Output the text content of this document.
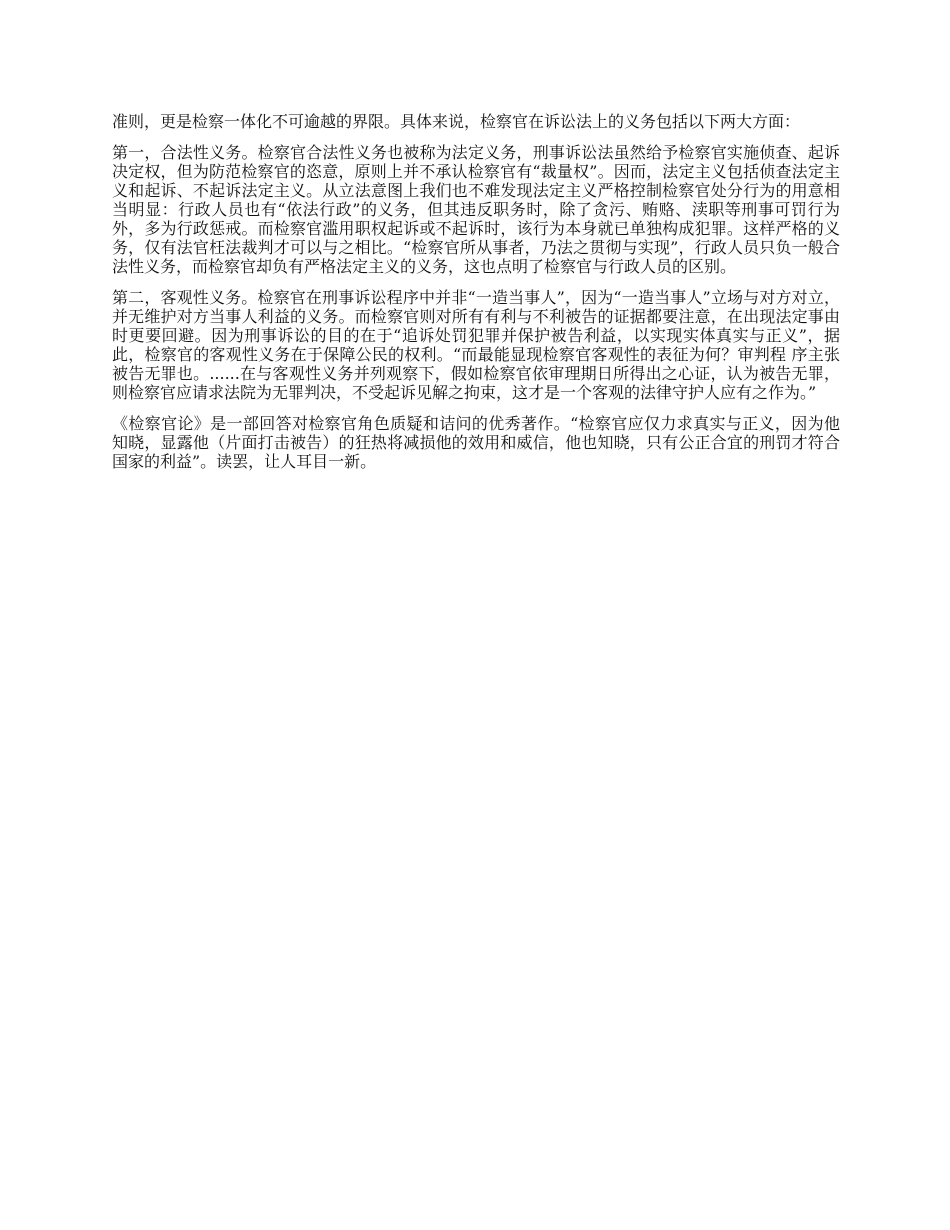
准则，更是检察一体化不可逾越的界限。具体来说，检察官在诉讼法上的义务包括以下两大方面：

第一，合法性义务。检察官合法性义务也被称为法定义务，刑事诉讼法虽然给予检察官实施侦查、起诉决定权，但为防范检察官的恣意，原则上并不承认检察官有“裁量权”。因而，法定主义包括侦查法定主义和起诉、不起诉法定主义。从立法意图上我们也不难发现法定主义严格控制检察官处分行为的用意相当明显：行政人员也有“依法行政”的义务，但其违反职务时，除了贪污、贿赂、渎职等刑事可罚行为外，多为行政惩戒。而检察官滥用职权起诉或不起诉时，该行为本身就已单独构成犯罪。这样严格的义务，仅有法官枉法裁判才可以与之相比。“检察官所从事者，乃法之贯彻与实现”，行政人员只负一般合法性义务，而检察官却负有严格法定主义的义务，这也点明了检察官与行政人员的区别。

第二，客观性义务。检察官在刑事诉讼程序中并非“一造当事人”，因为“一造当事人”立场与对方对立，并无维护对方当事人利益的义务。而检察官则对所有有利与不利被告的证据都要注意，在出现法定事由时更要回避。因为刑事诉讼的目的在于“追诉处罚犯罪并保护被告利益，以实现实体真实与正义”，据此，检察官的客观性义务在于保障公民的权利。“而最能显现检察官客观性的表征为何？审判程 序主张被告无罪也。......在与客观性义务并列观察下，假如检察官依审理期日所得出之心证，认为被告无罪，则检察官应请求法院为无罪判决，不受起诉见解之拘束，这才是一个客观的法律守护人应有之作为。”

《检察官论》是一部回答对检察官角色质疑和诘问的优秀著作。“检察官应仅力求真实与正义，因为他知晓，显露他（片面打击被告）的狂热将减损他的效用和威信，他也知晓，只有公正合宜的刑罚才符合国家的利益”。读罢，让人耳目一新。
